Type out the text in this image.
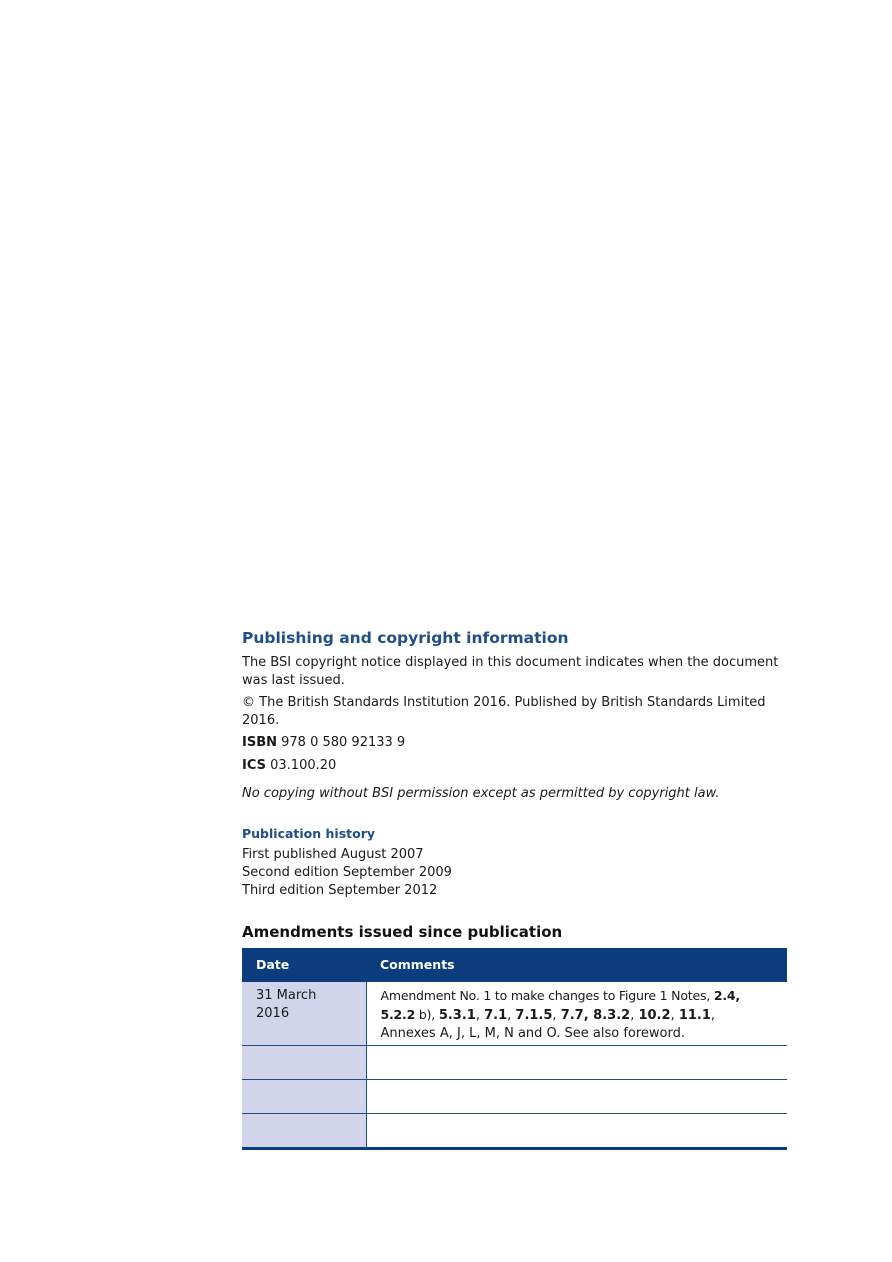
Publishing and copyright information

The BSI copyright notice displayed in this document indicates when the document was last issued.

© The British Standards Institution 2016. Published by British Standards Limited 2016.

ISBN 978 0 580 92133 9

ICS 03.100.20

No copying without BSI permission except as permitted by copyright law.

Publication history
First published August 2007
Second edition September 2009
Third edition September 2012
Amendments issued since publication
Date	Comments
31 March 2016	Amendment No. 1 to make changes to Figure 1 Notes, 2.4, 5.2.2 b), 5.3.1, 7.1, 7.1.5, 7.7, 8.3.2, 10.2, 11.1, Annexes A, J, L, M, N and O. See also foreword.
